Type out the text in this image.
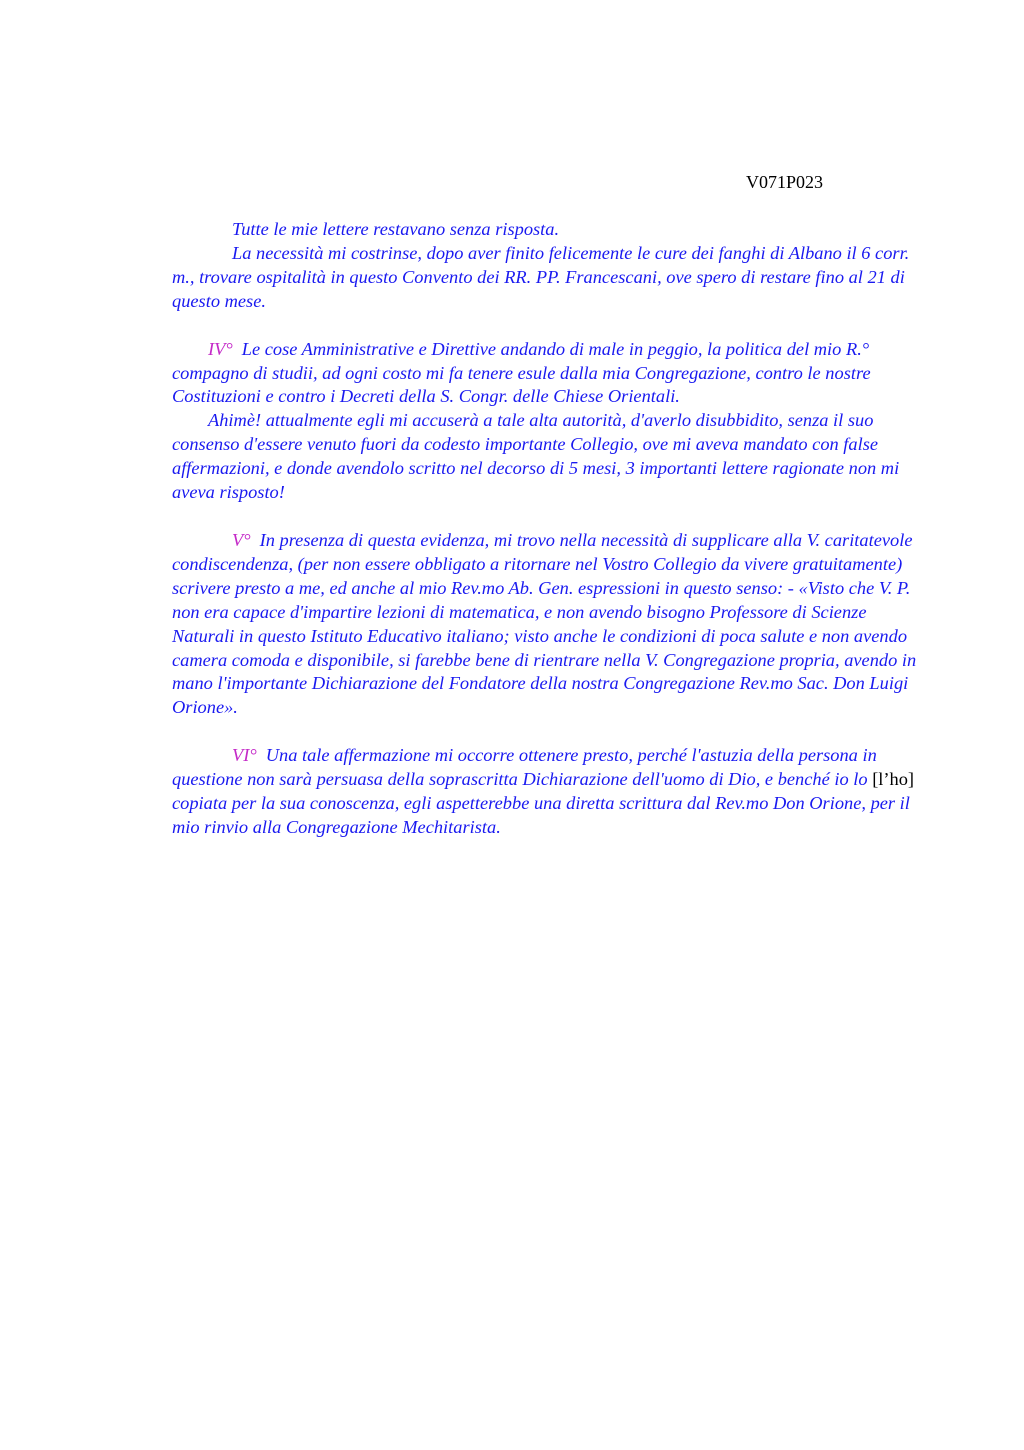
V071P023

Tutte le mie lettere restavano senza risposta.

La necessità mi costrinse, dopo aver finito felicemente le cure dei fanghi di Albano il 6 corr. m., trovare ospitalità in questo Convento dei RR. PP. Francescani, ove spero di restare fino al 21 di questo mese.

IV° Le cose Amministrative e Direttive andando di male in peggio, la politica del mio R.° compagno di studii, ad ogni costo mi fa tenere esule dalla mia Congregazione, contro le nostre Costituzioni e contro i Decreti della S. Congr. delle Chiese Orientali.

Ahimè! attualmente egli mi accuserà a tale alta autorità, d'averlo disubbidito, senza il suo consenso d'essere venuto fuori da codesto importante Collegio, ove mi aveva mandato con false affermazioni, e donde avendolo scritto nel decorso di 5 mesi, 3 importanti lettere ragionate non mi aveva risposto!

V° In presenza di questa evidenza, mi trovo nella necessità di supplicare alla V. caritatevole condiscendenza, (per non essere obbligato a ritornare nel Vostro Collegio da vivere gratuitamente) scrivere presto a me, ed anche al mio Rev.mo Ab. Gen. espressioni in questo senso: - «Visto che V. P. non era capace d'impartire lezioni di matematica, e non avendo bisogno Professore di Scienze Naturali in questo Istituto Educativo italiano; visto anche le condizioni di poca salute e non avendo camera comoda e disponibile, si farebbe bene di rientrare nella V. Congregazione propria, avendo in mano l'importante Dichiarazione del Fondatore della nostra Congregazione Rev.mo Sac. Don Luigi Orione».

VI° Una tale affermazione mi occorre ottenere presto, perché l'astuzia della persona in questione non sarà persuasa della soprascritta Dichiarazione dell'uomo di Dio, e benché io lo [l’ho] copiata per la sua conoscenza, egli aspetterebbe una diretta scrittura dal Rev.mo Don Orione, per il mio rinvio alla Congregazione Mechitarista.
